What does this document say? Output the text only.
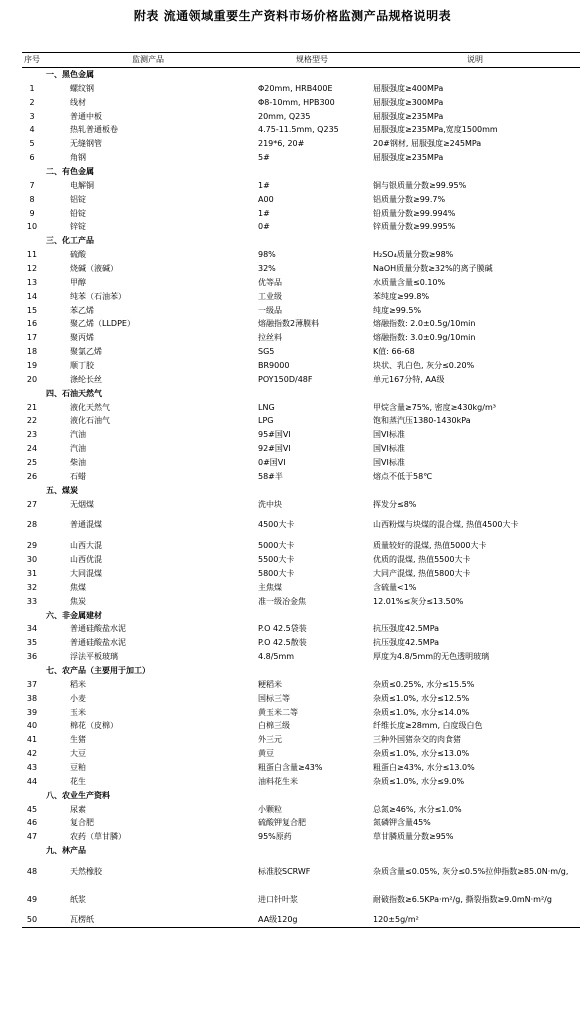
附表 流通领域重要生产资料市场价格监测产品规格说明表
序号	监测产品	规格型号	说明
	一、黑色金属		
1	螺纹钢	Φ20mm, HRB400E	屈服强度≥400MPa
2	线材	Φ8-10mm, HPB300	屈服强度≥300MPa
3	普通中板	20mm, Q235	屈服强度≥235MPa
4	热轧普通板卷	4.75-11.5mm, Q235	屈服强度≥235MPa,宽度1500mm
5	无缝钢管	219*6, 20#	20#钢材, 屈服强度≥245MPa
6	角钢	5#	屈服强度≥235MPa
	二、有色金属		
7	电解铜	1#	铜与银质量分数≥99.95%
8	铝锭	A00	铝质量分数≥99.7%
9	铅锭	1#	铅质量分数≥99.994%
10	锌锭	0#	锌质量分数≥99.995%
	三、化工产品		
11	硫酸	98%	H₂SO₄质量分数≥98%
12	烧碱（液碱）	32%	NaOH质量分数≥32%的离子膜碱
13	甲醇	优等品	水质量含量≤0.10%
14	纯苯（石油苯）	工业级	苯纯度≥99.8%
15	苯乙烯	一级品	纯度≥99.5%
16	聚乙烯（LLDPE）	熔融指数2薄膜料	熔融指数: 2.0±0.5g/10min
17	聚丙烯	拉丝料	熔融指数: 3.0±0.9g/10min
18	聚氯乙烯	SG5	K值: 66-68
19	顺丁胶	BR9000	块状、乳白色, 灰分≤0.20%
20	涤纶长丝	POY150D/48F	单元167分特, AA级
	四、石油天然气		
21	液化天然气	LNG	甲烷含量≥75%, 密度≥430kg/m³
22	液化石油气	LPG	饱和蒸汽压1380-1430kPa
23	汽油	95#国VI	国VI标准
24	汽油	92#国VI	国VI标准
25	柴油	0#国VI	国VI标准
26	石蜡	58#半	熔点不低于58℃
	五、煤炭		
27	无烟煤	洗中块	挥发分≤8%
28	普通混煤	4500大卡	山西粉煤与块煤的混合煤, 热值4500大卡
29	山西大混	5000大卡	质量较好的混煤, 热值5000大卡
30	山西优混	5500大卡	优质的混煤, 热值5500大卡
31	大同混煤	5800大卡	大同产混煤, 热值5800大卡
32	焦煤	主焦煤	含硫量<1%
33	焦炭	准一级冶金焦	12.01%≤灰分≤13.50%
	六、非金属建材		
34	普通硅酸盐水泥	P.O 42.5袋装	抗压强度42.5MPa
35	普通硅酸盐水泥	P.O 42.5散装	抗压强度42.5MPa
36	浮法平板玻璃	4.8/5mm	厚度为4.8/5mm的无色透明玻璃
	七、农产品（主要用于加工）		
37	稻米	粳稻米	杂质≤0.25%, 水分≤15.5%
38	小麦	国标三等	杂质≤1.0%, 水分≤12.5%
39	玉米	黄玉米二等	杂质≤1.0%, 水分≤14.0%
40	棉花（皮棉）	白棉三级	纤维长度≥28mm, 白度级白色
41	生猪	外三元	三种外国猪杂交的肉食猪
42	大豆	黄豆	杂质≤1.0%, 水分≤13.0%
43	豆粕	粗蛋白含量≥43%	粗蛋白≥43%, 水分≤13.0%
44	花生	油料花生米	杂质≤1.0%, 水分≤9.0%
	八、农业生产资料		
45	尿素	小颗粒	总氮≥46%, 水分≤1.0%
46	复合肥	硫酸钾复合肥	氮磷钾含量45%
47	农药（草甘膦）	95%原药	草甘膦质量分数≥95%
	九、林产品		
48	天然橡胶	标准胶SCRWF	杂质含量≤0.05%, 灰分≤0.5%拉伸指数≥85.0N·m/g,
49	纸浆	进口针叶浆	耐破指数≥6.5KPa·m²/g, 撕裂指数≥9.0mN·m²/g
50	瓦楞纸	AA级120g	120±5g/m²
